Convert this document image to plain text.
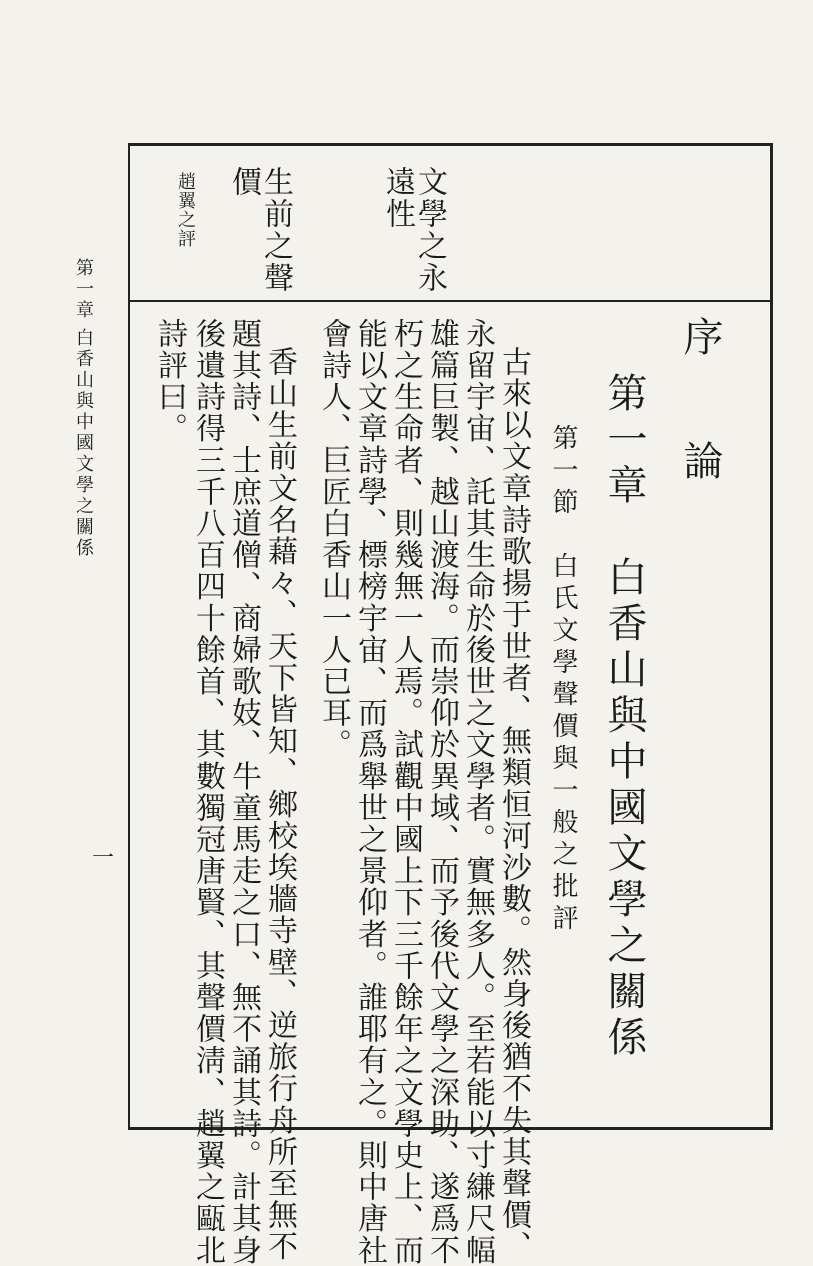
第一章
白香山與中國文學之關係
一
文學之永
遠性
生前之聲
價
趙翼之評
序
論
第一章　白香山與中國文學之關係
第一節　白氏文學聲價與一般之批評
古來以文章詩歌揚于世者、無類恒河沙數。然身後猶不失其聲價、
永留宇宙、託其生命於後世之文學者。實無多人。至若能以寸縑尺幅
雄篇巨製、越山渡海。而崇仰於異域、而予後代文學之深助、遂爲不
朽之生命者、則幾無一人焉。試觀中國上下三千餘年之文學史上、而
能以文章詩學、標榜宇宙、而爲舉世之景仰者。誰耶有之。則中唐社
會詩人、巨匠白香山一人已耳。
香山生前文名藉々、天下皆知、鄉校埃牆寺壁、逆旅行舟所至無不
題其詩、士庶道僧、商婦歌妓、牛童馬走之口、無不誦其詩。計其身
後遺詩得三千八百四十餘首、其數獨冠唐賢、其聲價淸、趙翼之甌北
詩評曰。
